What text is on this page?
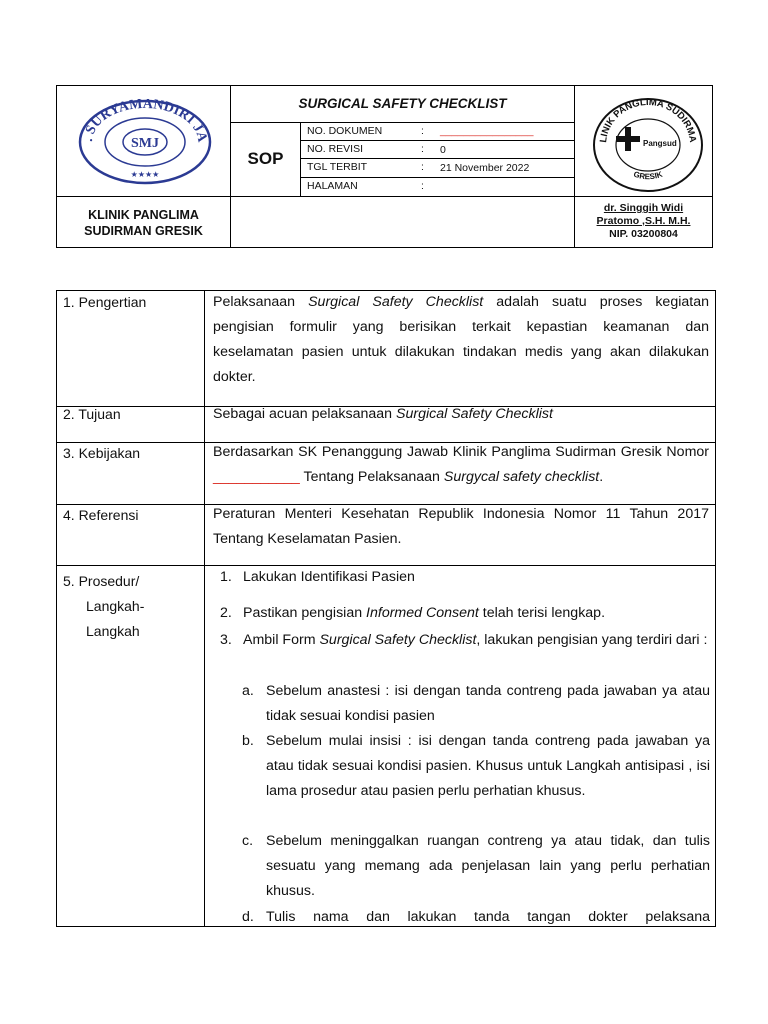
. SURYAMANDIRI JA
SMJ
★★★★
SURGICAL SAFETY CHECKLIST
SOP
NO. DOKUMEN	: ________________
NO. REVISI	: 0
TGL TERBIT	: 21 November 2022
HALAMAN	:
LINIK PANGLIMA SUDIRMA
GRESIK
Pangsud
KLINIK PANGLIMA
SUDIRMAN GRESIK
dr. Singgih Widi
Pratomo ,S.H. M.H.
NIP. 03200804
1. Pengertian	Pelaksanaan Surgical Safety Checklist adalah suatu proses kegiatan pengisian formulir yang berisikan terkait kepastian keamanan dan keselamatan pasien untuk dilakukan tindakan medis yang akan dilakukan dokter.
2. Tujuan	Sebagai acuan pelaksanaan Surgical Safety Checklist
3. Kebijakan	Berdasarkan SK Penanggung Jawab Klinik Panglima Sudirman Gresik Nomor ___________ Tentang Pelaksanaan Surgycal safety checklist.
4. Referensi	Peraturan Menteri Kesehatan Republik Indonesia Nomor 11 Tahun 2017 Tentang Keselamatan Pasien.
5. Prosedur/
Langkah-
Langkah
1. Lakukan Identifikasi Pasien
2. Pastikan pengisian Informed Consent telah terisi lengkap.
3. Ambil Form Surgical Safety Checklist, lakukan pengisian yang terdiri dari :
a. Sebelum anastesi : isi dengan tanda contreng pada jawaban ya atau tidak sesuai kondisi pasien
b. Sebelum mulai insisi : isi dengan tanda contreng pada jawaban ya atau tidak sesuai kondisi pasien. Khusus untuk Langkah antisipasi , isi lama prosedur atau pasien perlu perhatian khusus.
c. Sebelum meninggalkan ruangan contreng ya atau tidak, dan tulis sesuatu yang memang ada penjelasan lain yang perlu perhatian khusus.
d. Tulis nama dan lakukan tanda tangan dokter pelaksana
